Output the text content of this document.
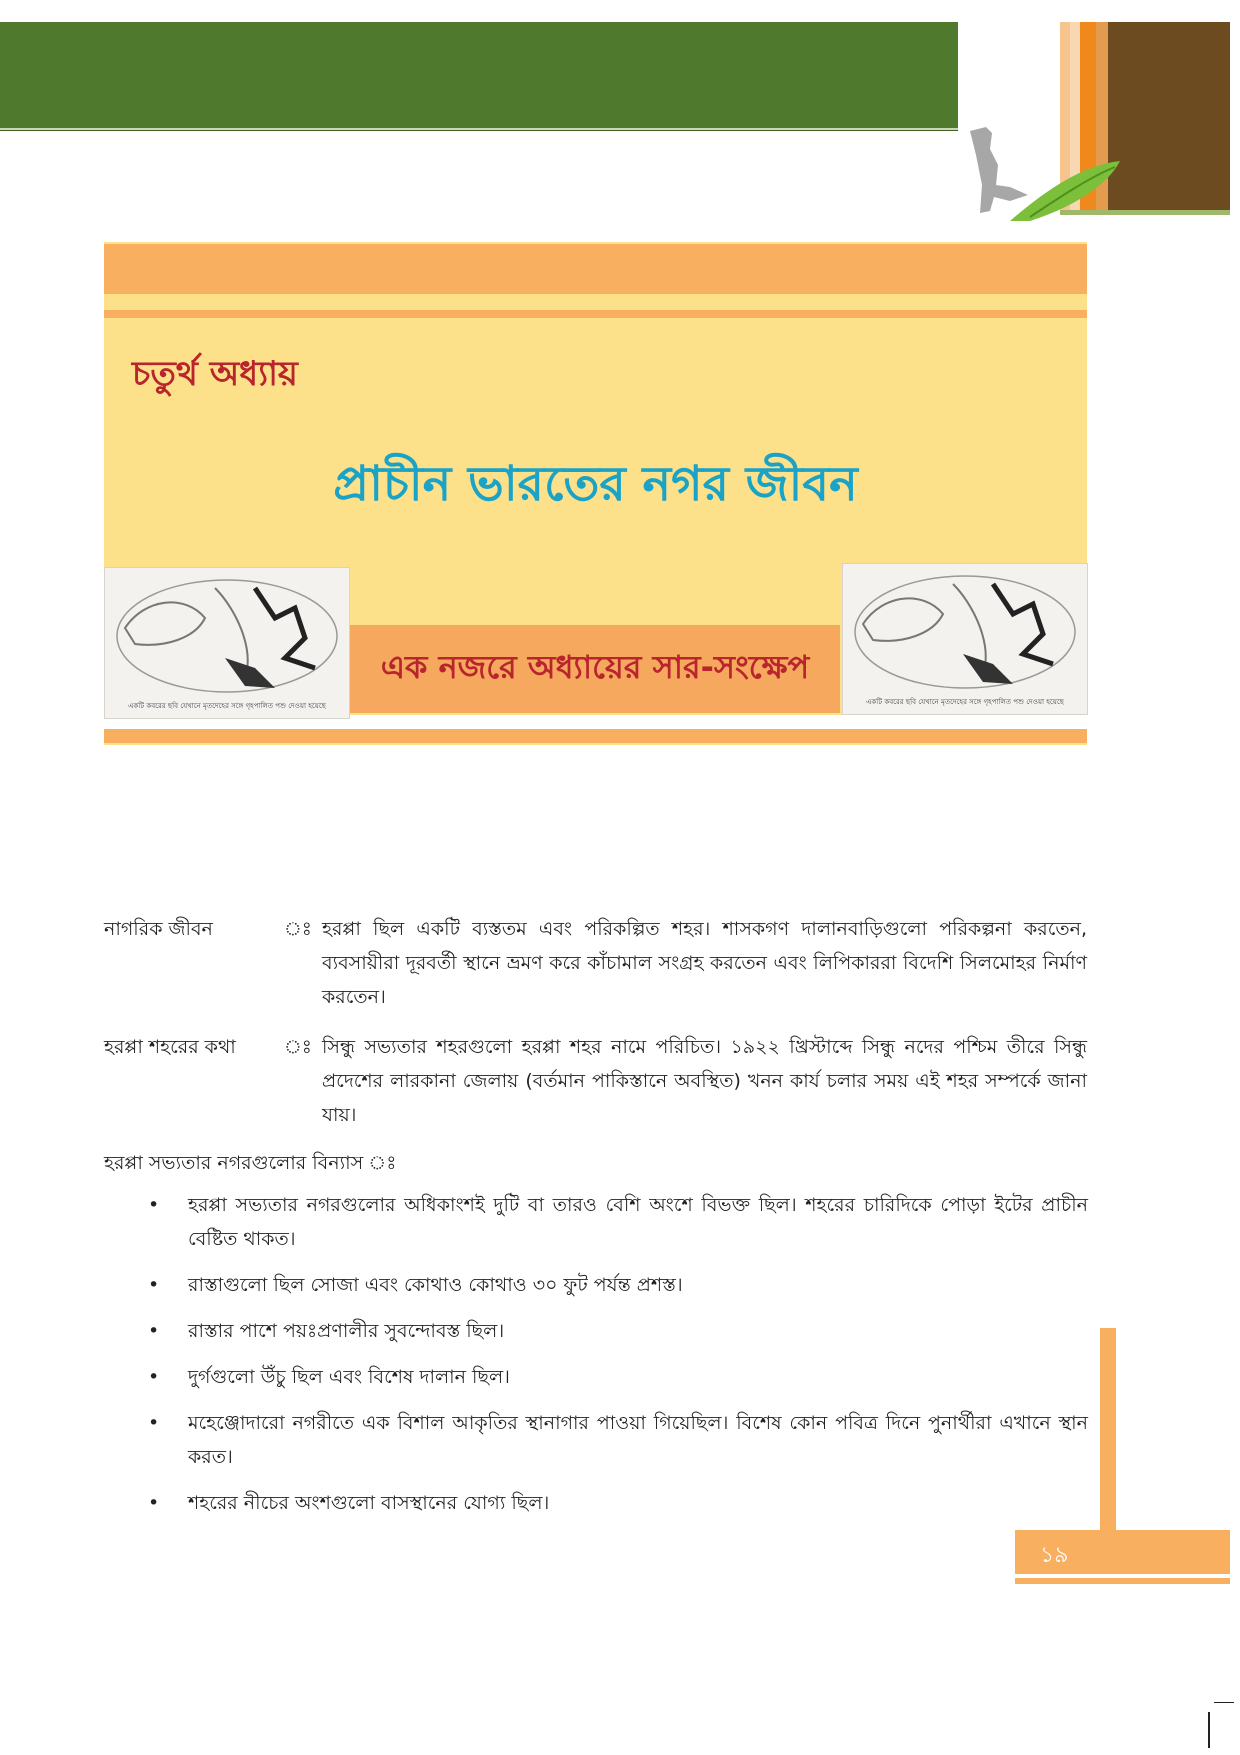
চতুর্থ অধ্যায়

প্রাচীন ভারতের নগর জীবন
একটি কবরের ছবি যেখানে মৃতদেহের সঙ্গে গৃহপালিত পশু দেওয়া হয়েছে	একটি কবরের ছবি যেখানে মৃতদেহের সঙ্গে গৃহপালিত পশু দেওয়া হয়েছে
এক নজরে অধ্যায়ের সার-সংক্ষেপ
নাগরিক জীবন	ঃ হরপ্পা ছিল একটি ব্যস্ততম এবং পরিকল্পিত শহর। শাসকগণ দালানবাড়িগুলো পরিকল্পনা করতেন, ব্যবসায়ীরা দূরবর্তী স্থানে ভ্রমণ করে কাঁচামাল সংগ্রহ করতেন এবং লিপিকাররা বিদেশি সিলমোহর নির্মাণ করতেন।
হরপ্পা শহরের কথা	ঃ সিন্ধু সভ্যতার শহরগুলো হরপ্পা শহর নামে পরিচিত। ১৯২২ খ্রিস্টাব্দে সিন্ধু নদের পশ্চিম তীরে সিন্ধু প্রদেশের লারকানা জেলায় (বর্তমান পাকিস্তানে অবস্থিত) খনন কার্য চলার সময় এই শহর সম্পর্কে জানা যায়।

হরপ্পা সভ্যতার নগরগুলোর বিন্যাস ঃ

•	হরপ্পা সভ্যতার নগরগুলোর অধিকাংশই দুটি বা তারও বেশি অংশে বিভক্ত ছিল। শহরের চারিদিকে পোড়া ইটের প্রাচীন বেষ্টিত থাকত।
•	রাস্তাগুলো ছিল সোজা এবং কোথাও কোথাও ৩০ ফুট পর্যন্ত প্রশস্ত।
•	রাস্তার পাশে পয়ঃপ্রণালীর সুবন্দোবস্ত ছিল।
•	দুর্গগুলো উঁচু ছিল এবং বিশেষ দালান ছিল।
•	মহেঞ্জোদারো নগরীতে এক বিশাল আকৃতির স্থানাগার পাওয়া গিয়েছিল। বিশেষ কোন পবিত্র দিনে পুনার্থীরা এখানে স্থান করত।
•	শহরের নীচের অংশগুলো বাসস্থানের যোগ্য ছিল।

১৯
